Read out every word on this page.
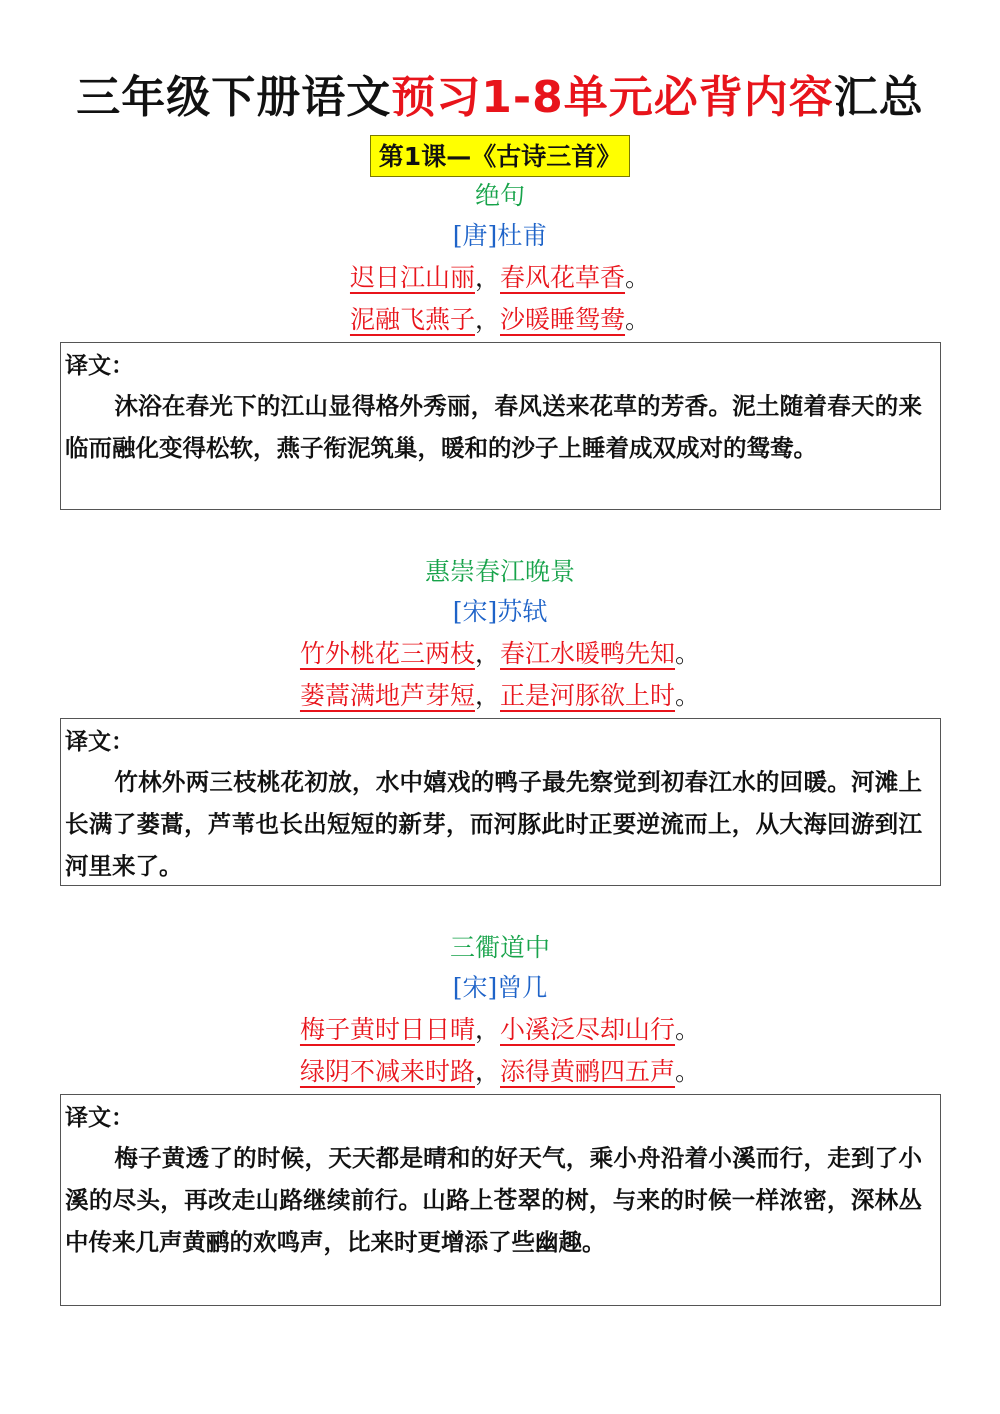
三年级下册语文预习1-8单元必背内容汇总
第1课—《古诗三首》
绝句
[唐]杜甫
迟日江山丽，春风花草香。
泥融飞燕子，沙暖睡鸳鸯。
译文：
沐浴在春光下的江山显得格外秀丽，春风送来花草的芳香。泥土随着春天的来临而融化变得松软，燕子衔泥筑巢，暖和的沙子上睡着成双成对的鸳鸯。
惠崇春江晚景
[宋]苏轼
竹外桃花三两枝，春江水暖鸭先知。
蒌蒿满地芦芽短，正是河豚欲上时。
译文：
竹林外两三枝桃花初放，水中嬉戏的鸭子最先察觉到初春江水的回暖。河滩上长满了蒌蒿，芦苇也长出短短的新芽，而河豚此时正要逆流而上，从大海回游到江河里来了。
三衢道中
[宋]曾几
梅子黄时日日晴，小溪泛尽却山行。
绿阴不减来时路，添得黄鹂四五声。
译文：
梅子黄透了的时候，天天都是晴和的好天气，乘小舟沿着小溪而行，走到了小溪的尽头，再改走山路继续前行。山路上苍翠的树，与来的时候一样浓密，深林丛中传来几声黄鹂的欢鸣声，比来时更增添了些幽趣。
